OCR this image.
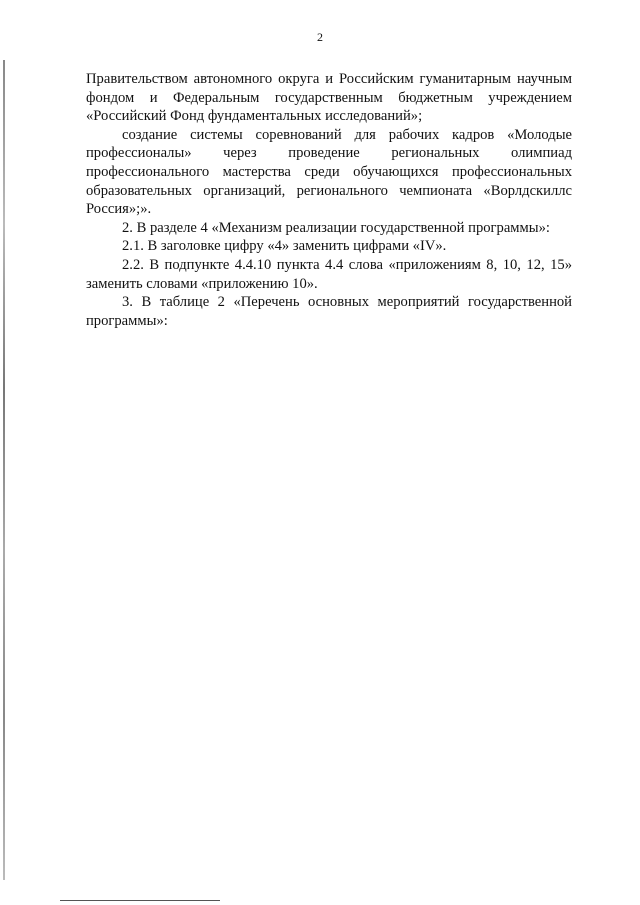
2

Правительством автономного округа и Российским гуманитарным научным фондом и Федеральным государственным бюджетным учреждением «Российский Фонд фундаментальных исследований»;

создание системы соревнований для рабочих кадров «Молодые профессионалы» через проведение региональных олимпиад профессионального мастерства среди обучающихся профессиональных образовательных организаций, регионального чемпионата «Ворлдскиллс Россия»;».

2. В разделе 4 «Механизм реализации государственной программы»:

2.1. В заголовке цифру «4» заменить цифрами «IV».

2.2. В подпункте 4.4.10 пункта 4.4 слова «приложениям 8, 10, 12, 15» заменить словами «приложению 10».

3. В таблице 2 «Перечень основных мероприятий государственной программы»:
